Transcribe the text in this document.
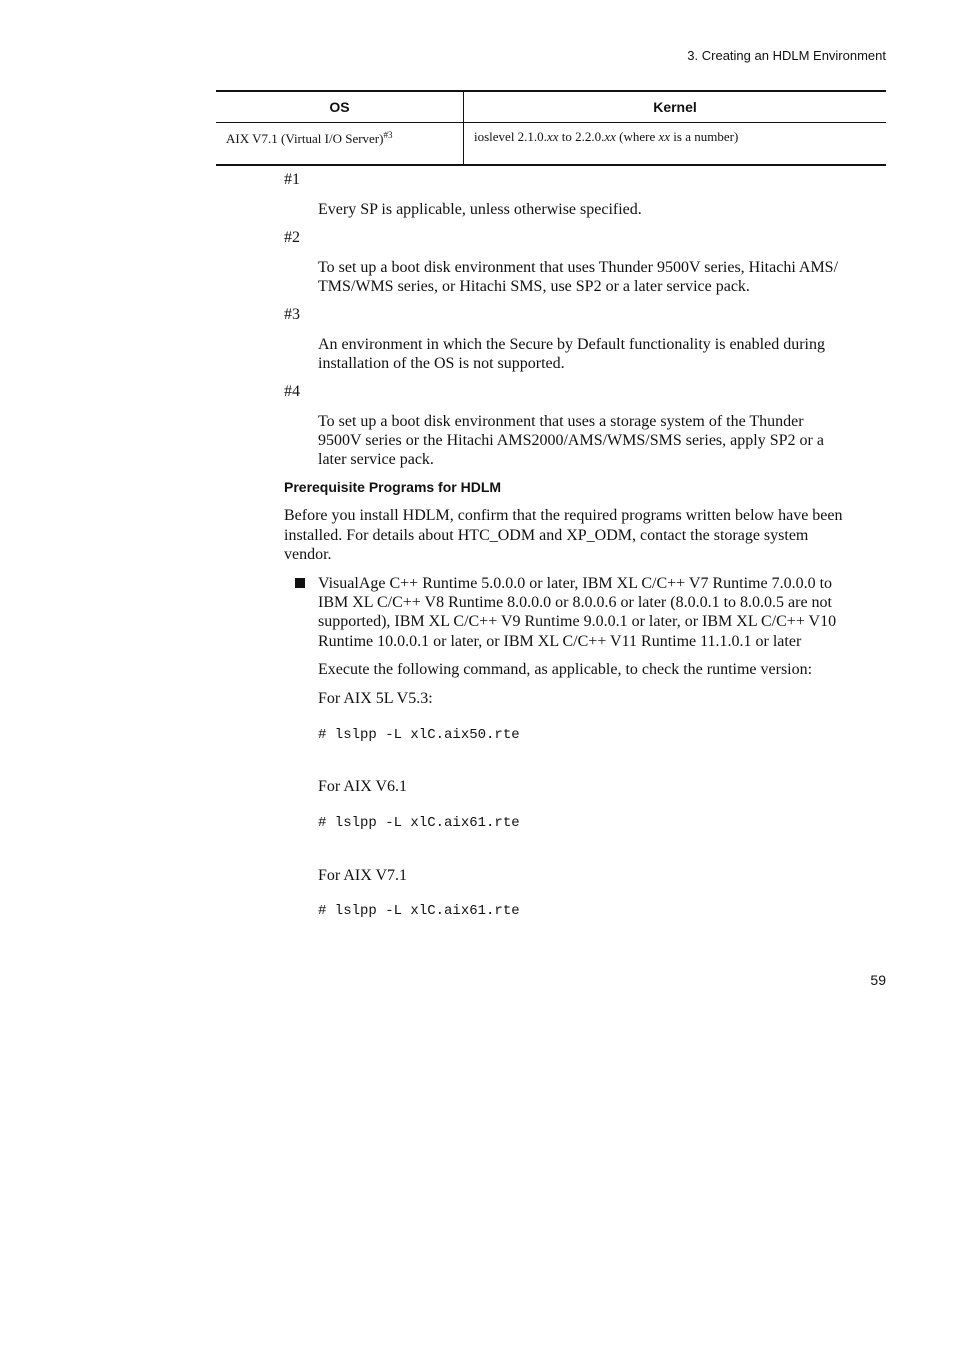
3. Creating an HDLM Environment
OS	Kernel
AIX V7.1 (Virtual I/O Server)$^{\#3}$	ioslevel 2.1.0.xx to 2.2.0.xx (where xx is a number)
#1
Every SP is applicable, unless otherwise specified.
#2
To set up a boot disk environment that uses Thunder 9500V series, Hitachi AMS/
TMS/WMS series, or Hitachi SMS, use SP2 or a later service pack.
#3
An environment in which the Secure by Default functionality is enabled during
installation of the OS is not supported.
#4
To set up a boot disk environment that uses a storage system of the Thunder
9500V series or the Hitachi AMS2000/AMS/WMS/SMS series, apply SP2 or a
later service pack.
Prerequisite Programs for HDLM
Before you install HDLM, confirm that the required programs written below have been
installed. For details about HTC_ODM and XP_ODM, contact the storage system
vendor.
VisualAge C++ Runtime 5.0.0.0 or later, IBM XL C/C++ V7 Runtime 7.0.0.0 to
IBM XL C/C++ V8 Runtime 8.0.0.0 or 8.0.0.6 or later (8.0.0.1 to 8.0.0.5 are not
supported), IBM XL C/C++ V9 Runtime 9.0.0.1 or later, or IBM XL C/C++ V10
Runtime 10.0.0.1 or later, or IBM XL C/C++ V11 Runtime 11.1.0.1 or later
Execute the following command, as applicable, to check the runtime version:
For AIX 5L V5.3:
# lslpp -L xlC.aix50.rte
For AIX V6.1
# lslpp -L xlC.aix61.rte
For AIX V7.1
# lslpp -L xlC.aix61.rte
59
